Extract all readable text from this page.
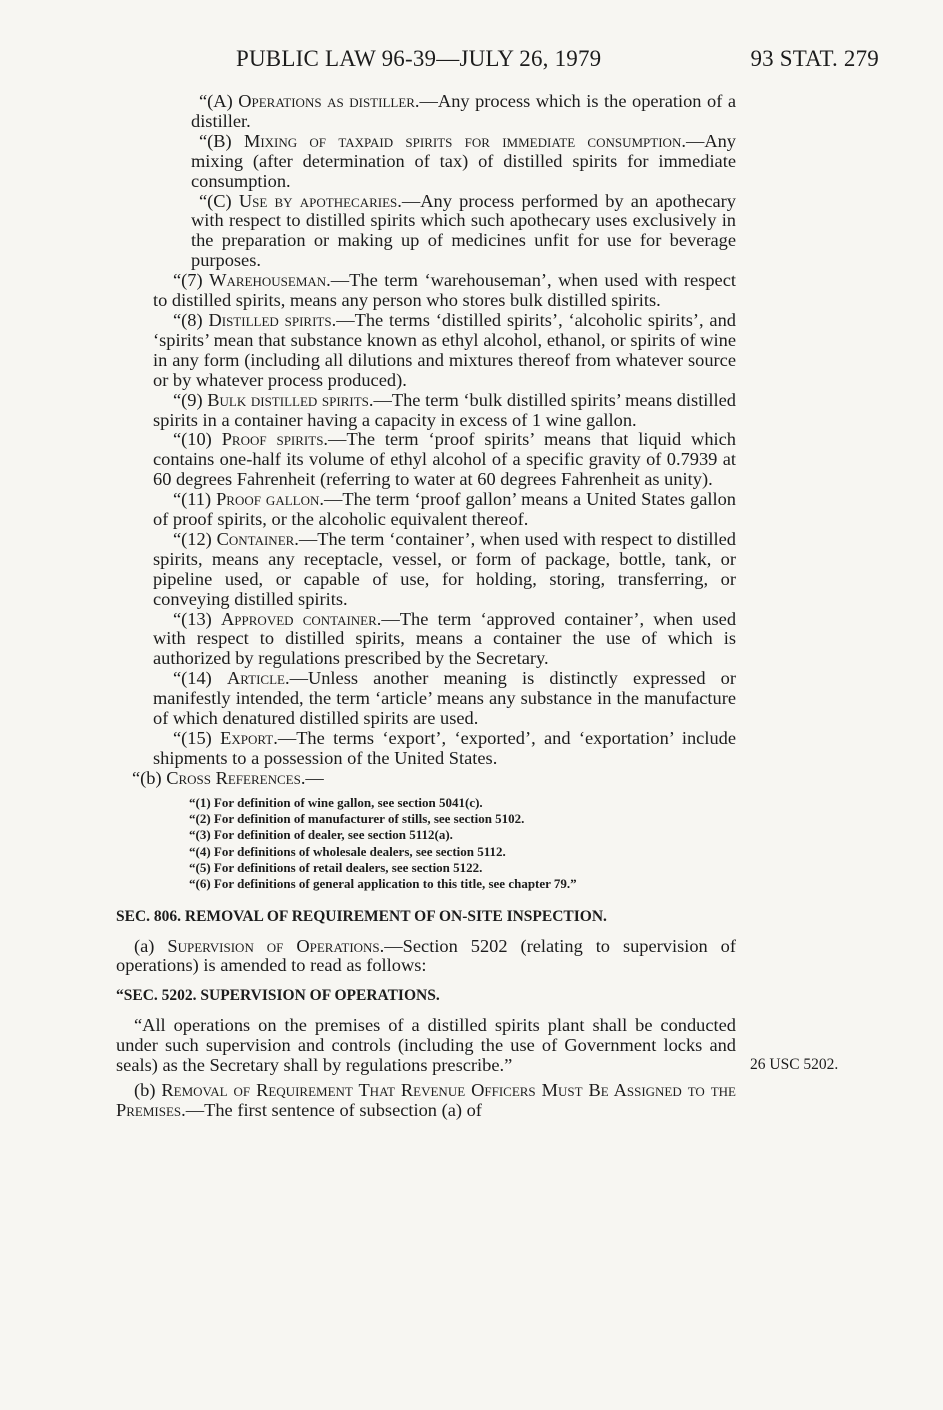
PUBLIC LAW 96-39—JULY 26, 1979	93 STAT. 279

“(A) Operations as distiller.—Any process which is the operation of a distiller.

“(B) Mixing of taxpaid spirits for immediate consumption.—Any mixing (after determination of tax) of distilled spirits for immediate consumption.

“(C) Use by apothecaries.—Any process performed by an apothecary with respect to distilled spirits which such apothecary uses exclusively in the preparation or making up of medicines unfit for use for beverage purposes.

“(7) Warehouseman.—The term ‘warehouseman’, when used with respect to distilled spirits, means any person who stores bulk distilled spirits.

“(8) Distilled spirits.—The terms ‘distilled spirits’, ‘alcoholic spirits’, and ‘spirits’ mean that substance known as ethyl alcohol, ethanol, or spirits of wine in any form (including all dilutions and mixtures thereof from whatever source or by whatever process produced).

“(9) Bulk distilled spirits.—The term ‘bulk distilled spirits’ means distilled spirits in a container having a capacity in excess of 1 wine gallon.

“(10) Proof spirits.—The term ‘proof spirits’ means that liquid which contains one-half its volume of ethyl alcohol of a specific gravity of 0.7939 at 60 degrees Fahrenheit (referring to water at 60 degrees Fahrenheit as unity).

“(11) Proof gallon.—The term ‘proof gallon’ means a United States gallon of proof spirits, or the alcoholic equivalent thereof.

“(12) Container.—The term ‘container’, when used with respect to distilled spirits, means any receptacle, vessel, or form of package, bottle, tank, or pipeline used, or capable of use, for holding, storing, transferring, or conveying distilled spirits.

“(13) Approved container.—The term ‘approved container’, when used with respect to distilled spirits, means a container the use of which is authorized by regulations prescribed by the Secretary.

“(14) Article.—Unless another meaning is distinctly expressed or manifestly intended, the term ‘article’ means any substance in the manufacture of which denatured distilled spirits are used.

“(15) Export.—The terms ‘export’, ‘exported’, and ‘exportation’ include shipments to a possession of the United States.

“(b) Cross References.—

“(1) For definition of wine gallon, see section 5041(c).
“(2) For definition of manufacturer of stills, see section 5102.
“(3) For definition of dealer, see section 5112(a).
“(4) For definitions of wholesale dealers, see section 5112.
“(5) For definitions of retail dealers, see section 5122.
“(6) For definitions of general application to this title, see chapter 79.”

SEC. 806. REMOVAL OF REQUIREMENT OF ON-SITE INSPECTION.

(a) Supervision of Operations.—Section 5202 (relating to supervision of operations) is amended to read as follows:

“SEC. 5202. SUPERVISION OF OPERATIONS.

“All operations on the premises of a distilled spirits plant shall be conducted under such supervision and controls (including the use of Government locks and seals) as the Secretary shall by regulations prescribe.”

(b) Removal of Requirement That Revenue Officers Must Be Assigned to the Premises.—The first sentence of subsection (a) of

26 USC 5202.
